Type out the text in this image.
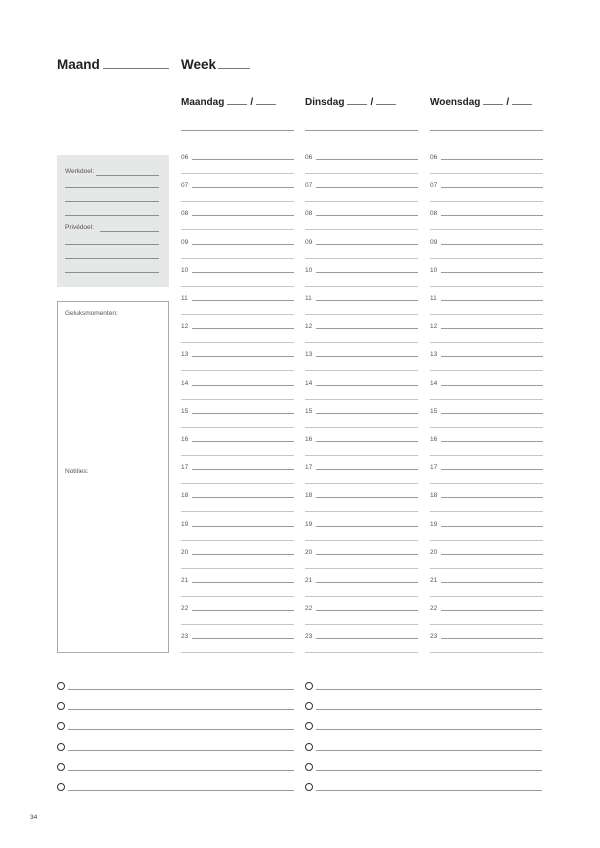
Maand	Week
Maandag	/
06
07
08
09
10
11
12
13
14
15
16
17
18
19
20
21
22
23
Dinsdag	/
06
07
08
09
10
11
12
13
14
15
16
17
18
19
20
21
22
23
Woensdag	/
06
07
08
09
10
11
12
13
14
15
16
17
18
19
20
21
22
23
Werkdoel:
Privédoel:
Geluksmomenten:
Notities:
34
